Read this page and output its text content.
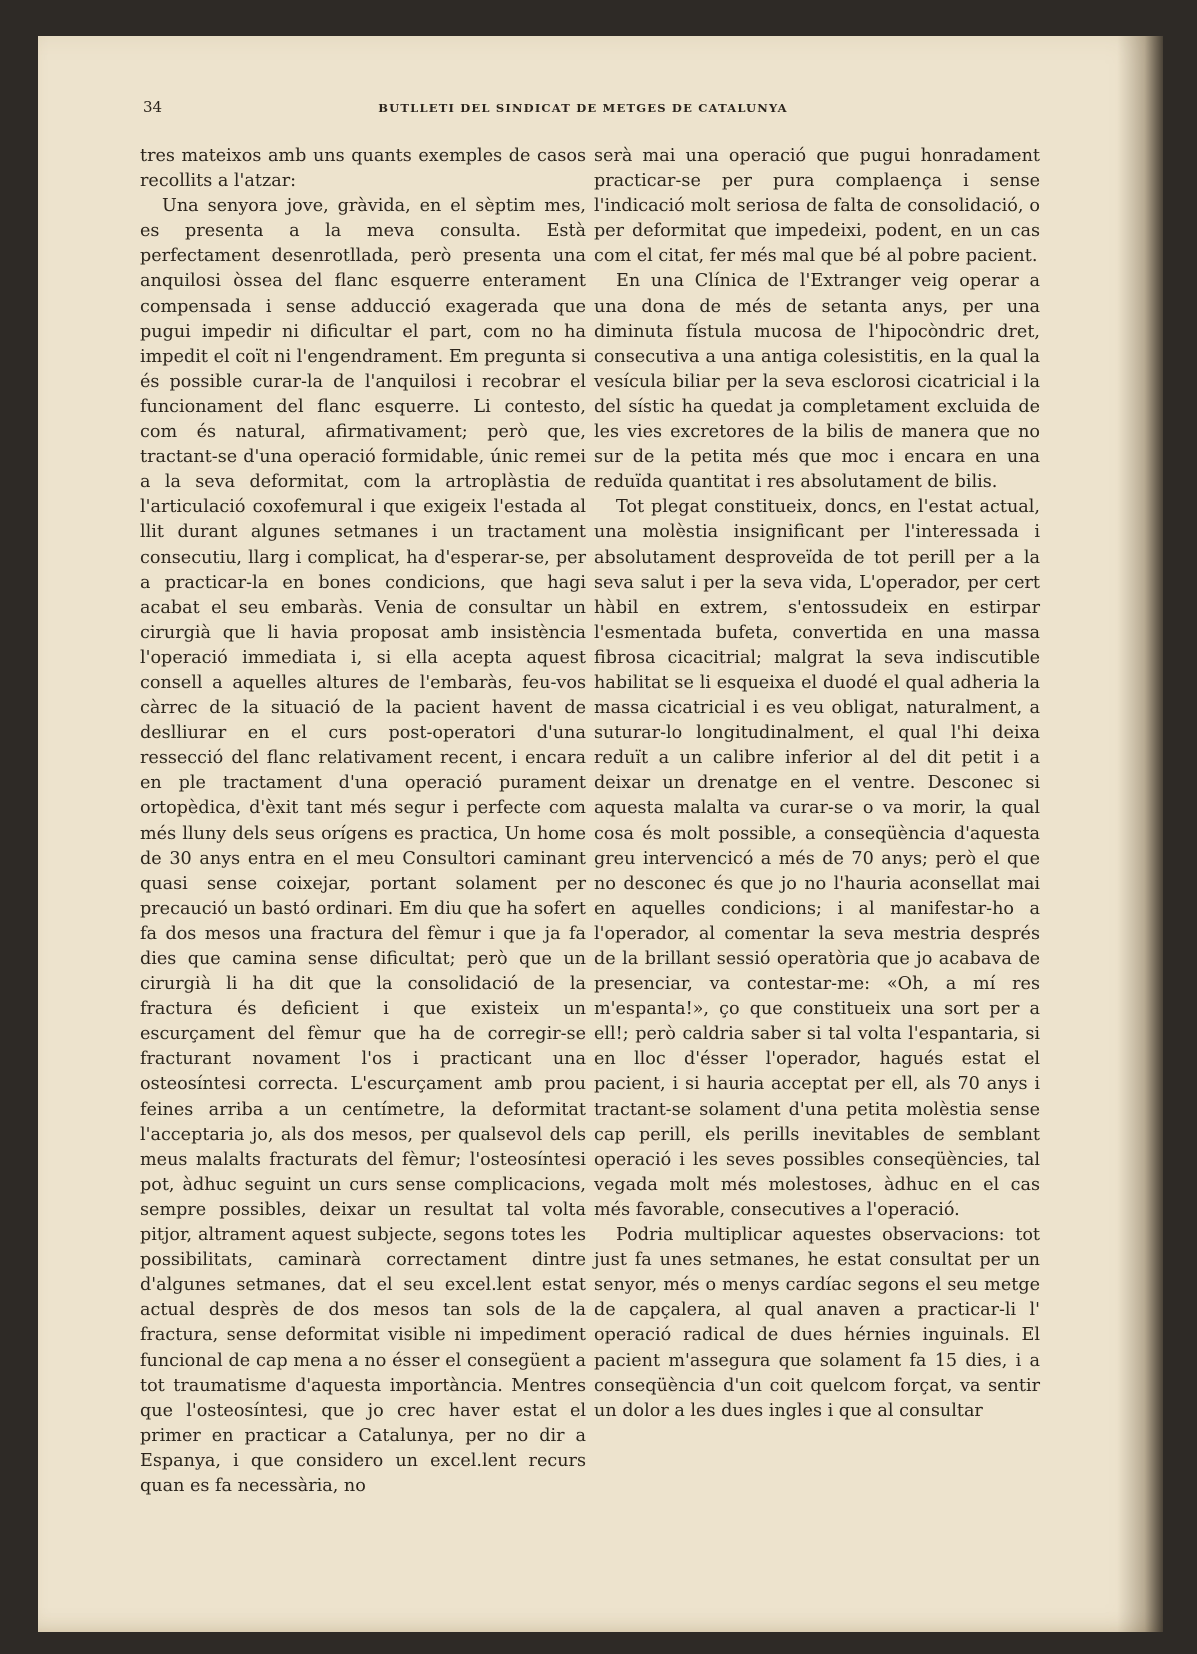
34	BUTLLETI DEL SINDICAT DE METGES DE CATALUNYA

tres mateixos amb uns quants exemples de casos recollits a l'atzar:

Una senyora jove, gràvida, en el sèptim mes, es presenta a la meva consulta. Està perfectament desenrotllada, però presenta una anquilosi òssea del flanc esquerre enterament compensada i sense adducció exagerada que pugui impedir ni dificultar el part, com no ha impedit el coït ni l'engendrament. Em pregunta si és possible curar-la de l'anquilosi i recobrar el funcionament del flanc esquerre. Li contesto, com és natural, afirmativament; però que, tractant-se d'una operació formidable, únic remei a la seva deformitat, com la artroplàstia de l'articulació coxofemural i que exigeix l'estada al llit durant algunes setmanes i un tractament consecutiu, llarg i complicat, ha d'esperar-se, per a practicar-la en bones condicions, que hagi acabat el seu embaràs. Venia de consultar un cirurgià que li havia proposat amb insistència l'operació immediata i, si ella acepta aquest consell a aquelles altures de l'embaràs, feu-vos càrrec de la situació de la pacient havent de deslliurar en el curs post-operatori d'una ressecció del flanc relativament recent, i encara en ple tractament d'una operació purament ortopèdica, d'èxit tant més segur i perfecte com més lluny dels seus orígens es practica, Un home de 30 anys entra en el meu Consultori caminant quasi sense coixejar, portant solament per precaució un bastó ordinari. Em diu que ha sofert fa dos mesos una fractura del fèmur i que ja fa dies que camina sense dificultat; però que un cirurgià li ha dit que la consolidació de la fractura és deficient i que existeix un escurçament del fèmur que ha de corregir-se fracturant novament l'os i practicant una osteosíntesi correcta. L'escurçament amb prou feines arriba a un centímetre, la deformitat l'acceptaria jo, als dos mesos, per qualsevol dels meus malalts fracturats del fèmur; l'osteosíntesi pot, àdhuc seguint un curs sense complicacions, sempre possibles, deixar un resultat tal volta pitjor, altrament aquest subjecte, segons totes les possibilitats, caminarà correctament dintre d'algunes setmanes, dat el seu excel.lent estat actual desprès de dos mesos tan sols de la fractura, sense deformitat visible ni impediment funcional de cap mena a no ésser el consegüent a tot traumatisme d'aquesta importància. Mentres que l'osteosíntesi, que jo crec haver estat el primer en practicar a Catalunya, per no dir a Espanya, i que considero un excel.lent recurs quan es fa necessària, no

serà mai una operació que pugui honradament practicar-se per pura complaença i sense l'indicació molt seriosa de falta de consolidació, o per deformitat que impedeixi, podent, en un cas com el citat, fer més mal que bé al pobre pacient.

En una Clínica de l'Extranger veig operar a una dona de més de setanta anys, per una diminuta fístula mucosa de l'hipocòndric dret, consecutiva a una antiga colesistitis, en la qual la vesícula biliar per la seva esclorosi cicatricial i la del sístic ha quedat ja completament excluida de les vies excretores de la bilis de manera que no sur de la petita més que moc i encara en una reduïda quantitat i res absolutament de bilis.

Tot plegat constitueix, doncs, en l'estat actual, una molèstia insignificant per l'interessada i absolutament desproveïda de tot perill per a la seva salut i per la seva vida, L'operador, per cert hàbil en extrem, s'entossudeix en estirpar l'esmentada bufeta, convertida en una massa fibrosa cicacitrial; malgrat la seva indiscutible habilitat se li esqueixa el duodé el qual adheria la massa cicatricial i es veu obligat, naturalment, a suturar-lo longitudinalment, el qual l'hi deixa reduït a un calibre inferior al del dit petit i a deixar un drenatge en el ventre. Desconec si aquesta malalta va curar-se o va morir, la qual cosa és molt possible, a conseqüència d'aquesta greu intervencicó a més de 70 anys; però el que no desconec és que jo no l'hauria aconsellat mai en aquelles condicions; i al manifestar-ho a l'operador, al comentar la seva mestria després de la brillant sessió operatòria que jo acabava de presenciar, va contestar-me: «Oh, a mí res m'espanta!», ço que constitueix una sort per a ell!; però caldria saber si tal volta l'espantaria, si en lloc d'ésser l'operador, hagués estat el pacient, i si hauria acceptat per ell, als 70 anys i tractant-se solament d'una petita molèstia sense cap perill, els perills inevitables de semblant operació i les seves possibles conseqüències, tal vegada molt més molestoses, àdhuc en el cas més favorable, consecutives a l'operació.

Podria multiplicar aquestes observacions: tot just fa unes setmanes, he estat consultat per un senyor, més o menys cardíac segons el seu metge de capçalera, al qual anaven a practicar-li l' operació radical de dues hérnies inguinals. El pacient m'assegura que solament fa 15 dies, i a conseqüència d'un coit quelcom forçat, va sentir un dolor a les dues ingles i que al consultar
